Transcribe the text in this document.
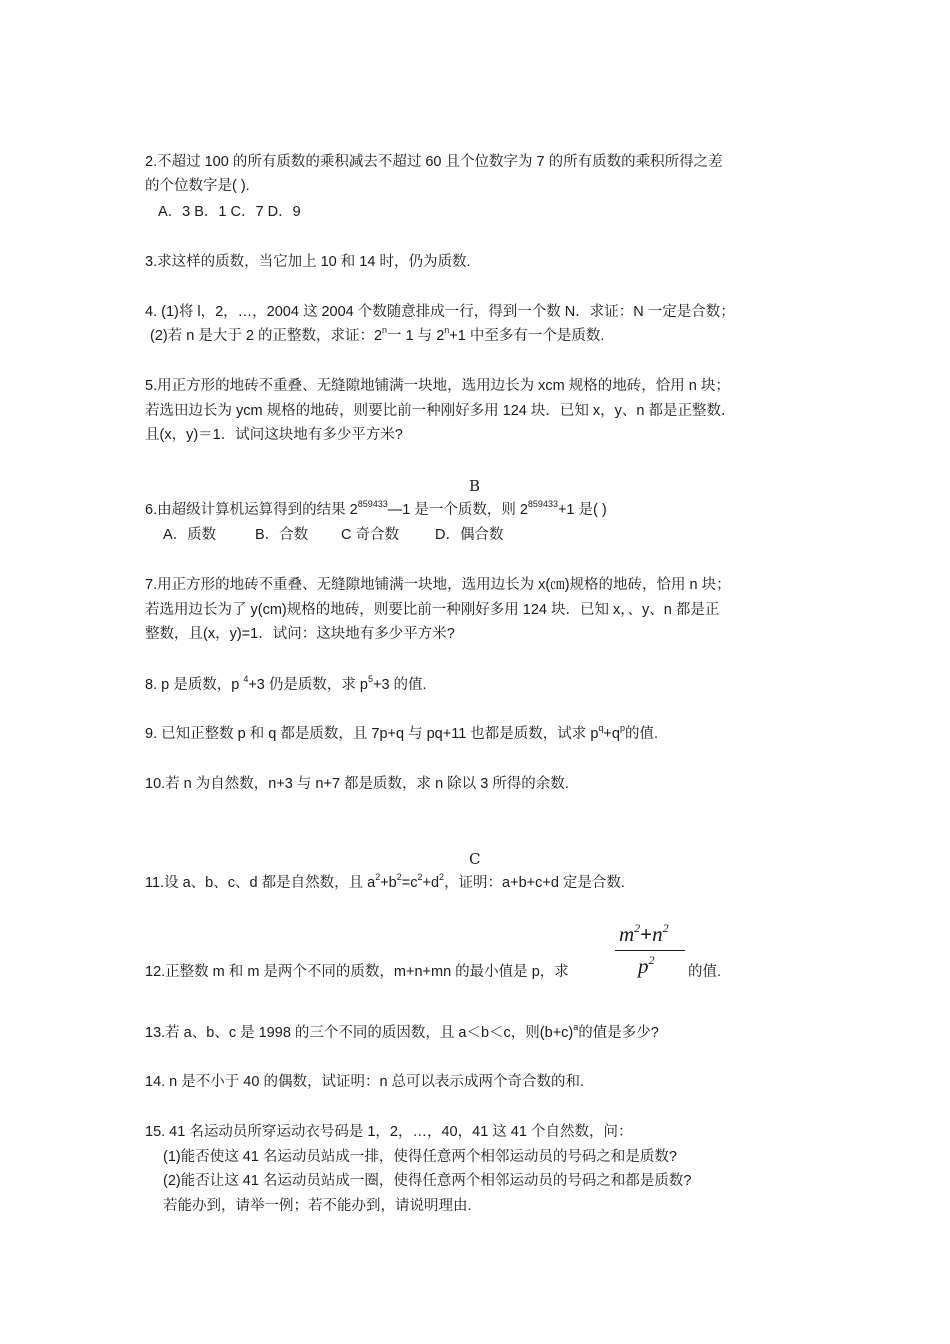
2.不超过 100 的所有质数的乘积减去不超过 60 且个位数字为 7 的所有质数的乘积所得之差
的个位数字是( ).
A．3 B．1 C．7 D．9
3.求这样的质数，当它加上 10 和 14 时，仍为质数.
4. (1)将 l，2，…，2004 这 2004 个数随意排成一行，得到一个数 N．求证：N 一定是合数；
(2)若 n 是大于 2 的正整数，求证：2$^n$一 1 与 $2^n+1$ 中至多有一个是质数.
5.用正方形的地砖不重叠、无缝隙地铺满一块地，选用边长为 xcm 规格的地砖，恰用 n 块；
若选田边长为 ycm 规格的地砖，则要比前一种刚好多用 124 块．已知 x，y、n 都是正整数．
且(x，y)＝1．试问这块地有多少平方米?
B
6.由超级计算机运算得到的结果 $2^{859433}—1$ 是一个质数，则 $2^{859433}+1$ 是( )
A．质数	B．合数 C 奇合数 D．偶合数
7.用正方形的地砖不重叠、无缝隙地铺满一块地，选用边长为 x(㎝)规格的地砖，恰用 n 块；
若选用边长为了 y(cm)规格的地砖，则要比前一种刚好多用 124 块．已知 x，、y、n 都是正
整数，且(x，y)=1．试问：这块地有多少平方米?
8. p 是质数，p $^4$+3 仍是质数，求 $p^5+3$ 的值.
9. 已知正整数 p 和 q 都是质数，且 7p+q 与 pq+11 也都是质数，试求 $p^q+q^p$的值.
10.若 n 为自然数，n+3 与 n+7 都是质数，求 n 除以 3 所得的余数.
C
11.设 a、b、c、d 都是自然数，且 $a^2+b^2=c^2+d^2$，证明：a+b+c+d 定是合数.
12.正整数 m 和 m 是两个不同的质数，m+n+mn 的最小值是 p，求
$m^2+n^2$
$p^2$
的值.
13.若 a、b、c 是 1998 的三个不同的质因数，且 a＜b＜c，则$(b+c)^a$的值是多少?
14. n 是不小于 40 的偶数，试证明：n 总可以表示成两个奇合数的和.
15. 41 名运动员所穿运动衣号码是 1，2，…，40，41 这 41 个自然数，问：
(1)能否使这 41 名运动员站成一排，使得任意两个相邻运动员的号码之和是质数?
(2)能否让这 41 名运动员站成一圈，使得任意两个相邻运动员的号码之和都是质数?
若能办到，请举一例；若不能办到，请说明理由.
